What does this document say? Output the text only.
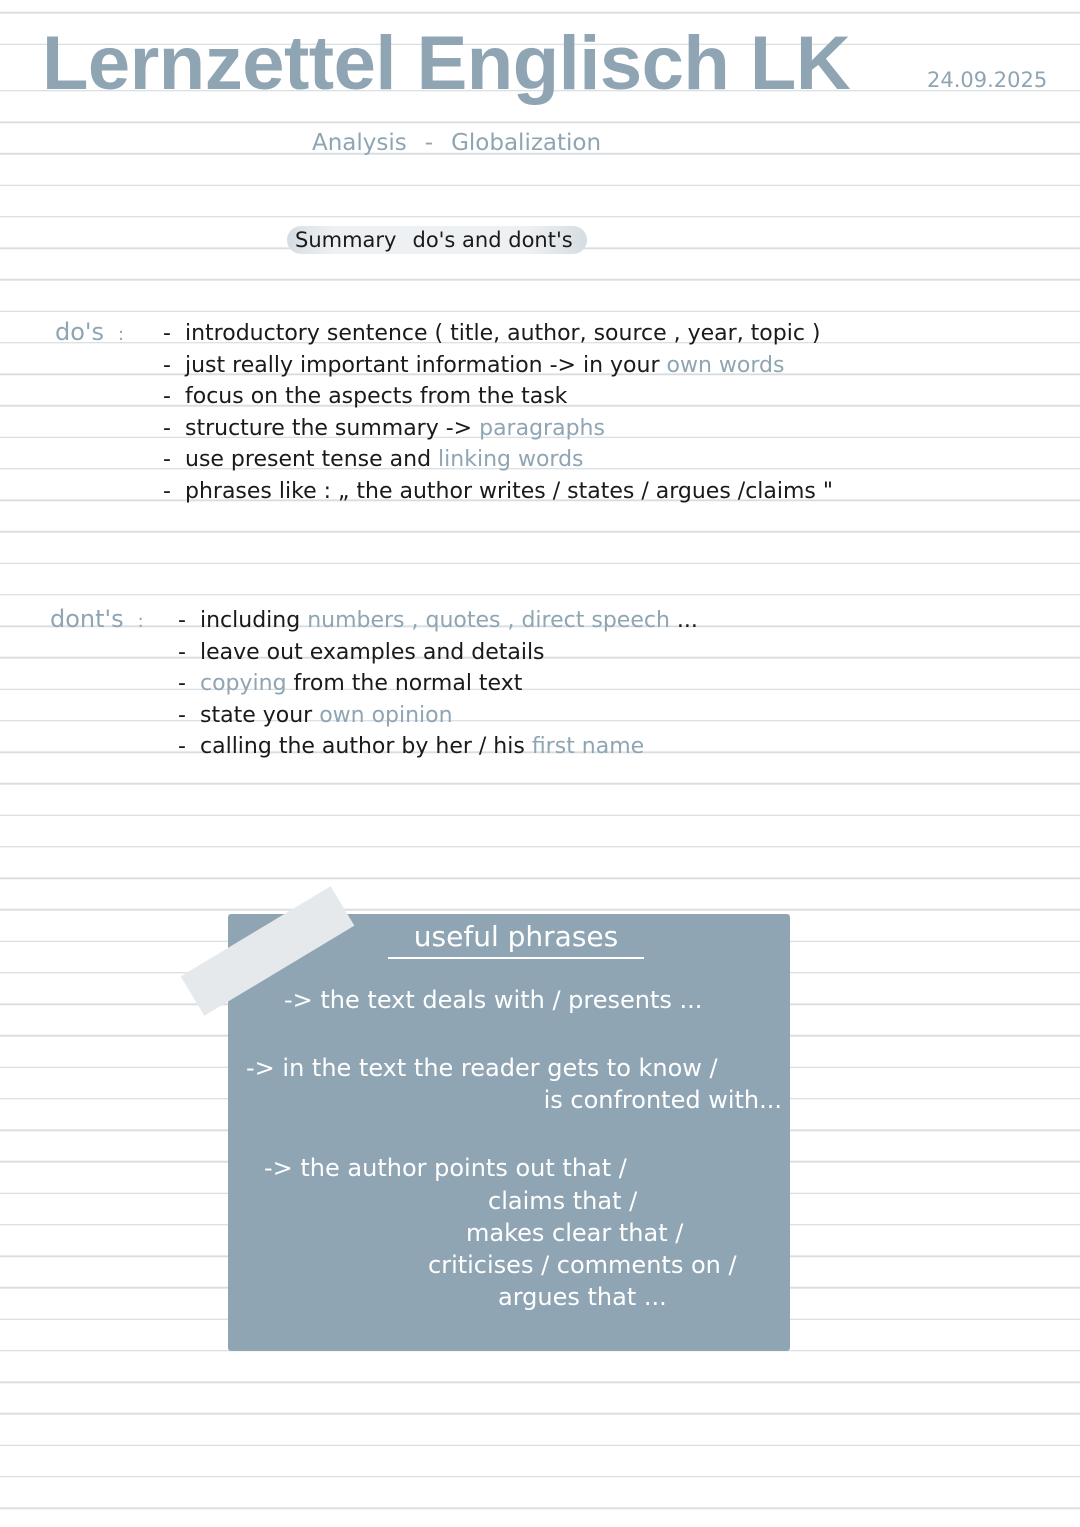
Lernzettel Englisch LK	24.09.2025
Analysis - Globalization
Summary do's and dont's
do's : - introductory sentence ( title, author, source , year, topic )
- just really important information -> in your own words
- focus on the aspects from the task
- structure the summary -> paragraphs
- use present tense and linking words
- phrases like : „ the author writes / states / argues /claims "
dont's : - including numbers , quotes , direct speech ...
- leave out examples and details
- copying from the normal text
- state your own opinion
- calling the author by her / his first name
useful phrases
-> the text deals with / presents ...
-> in the text the reader gets to know /
is confronted with...
-> the author points out that /
claims that /
makes clear that /
criticises / comments on /
argues that ...
